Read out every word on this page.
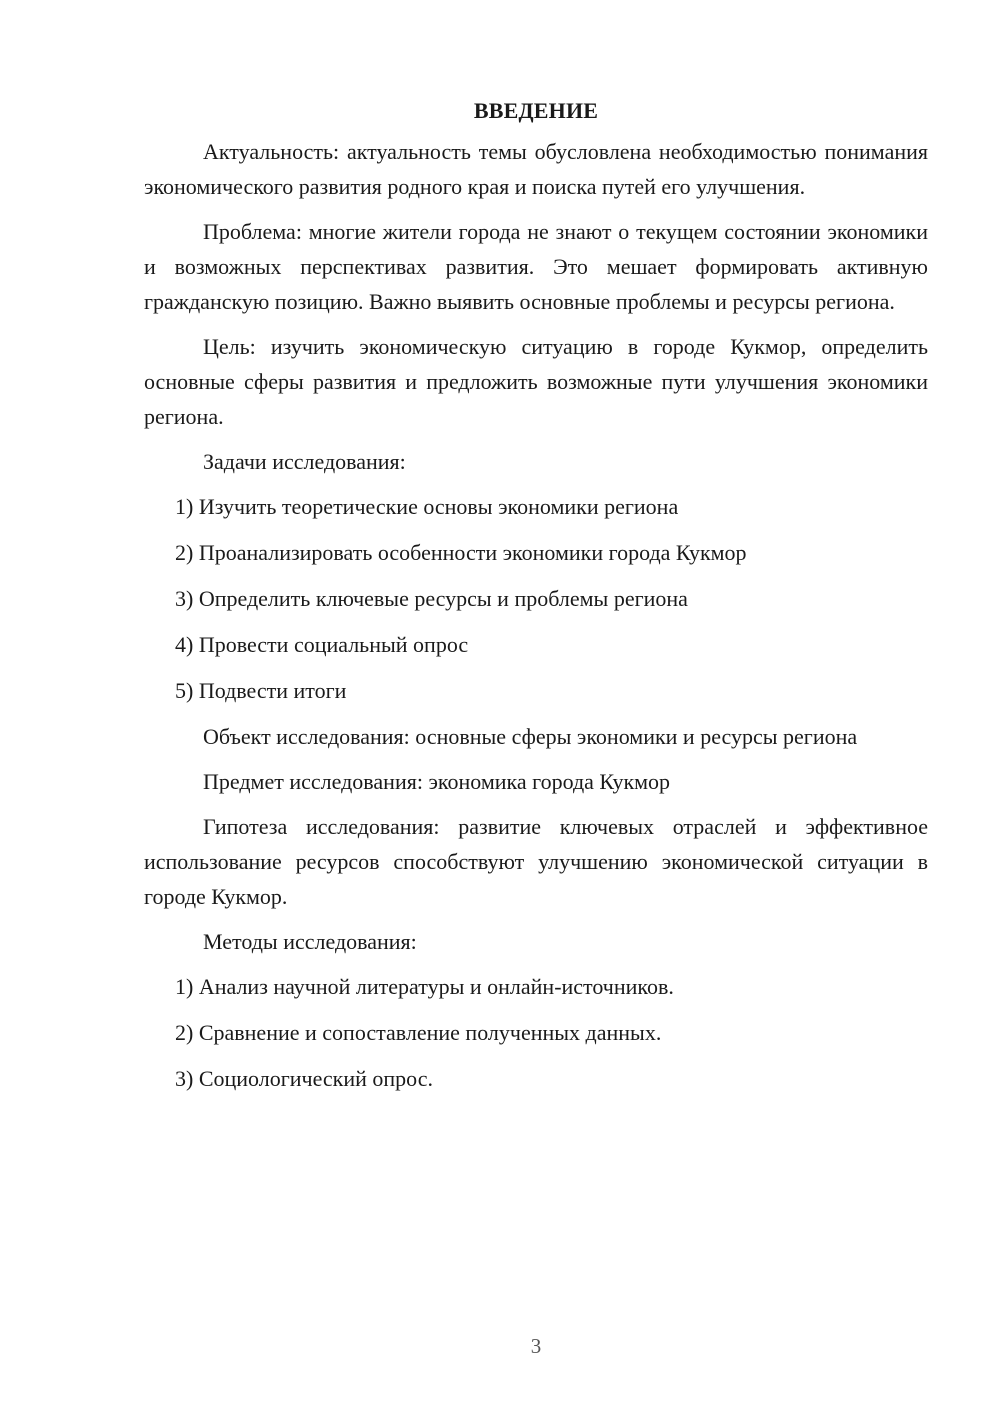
ВВЕДЕНИЕ

Актуальность: актуальность темы обусловлена необходимостью понимания экономического развития родного края и поиска путей его улучшения.

Проблема: многие жители города не знают о текущем состоянии экономики и возможных перспективах развития. Это мешает формировать активную гражданскую позицию. Важно выявить основные проблемы и ресурсы региона.

Цель: изучить экономическую ситуацию в городе Кукмор, определить основные сферы развития и предложить возможные пути улучшения экономики региона.

Задачи исследования:

1) Изучить теоретические основы экономики региона
2) Проанализировать особенности экономики города Кукмор
3) Определить ключевые ресурсы и проблемы региона
4) Провести социальный опрос
5) Подвести итоги

Объект исследования: основные сферы экономики и ресурсы региона

Предмет исследования: экономика города Кукмор

Гипотеза исследования: развитие ключевых отраслей и эффективное использование ресурсов способствуют улучшению экономической ситуации в городе Кукмор.

Методы исследования:

1) Анализ научной литературы и онлайн-источников.
2) Сравнение и сопоставление полученных данных.
3) Социологический опрос.
3
